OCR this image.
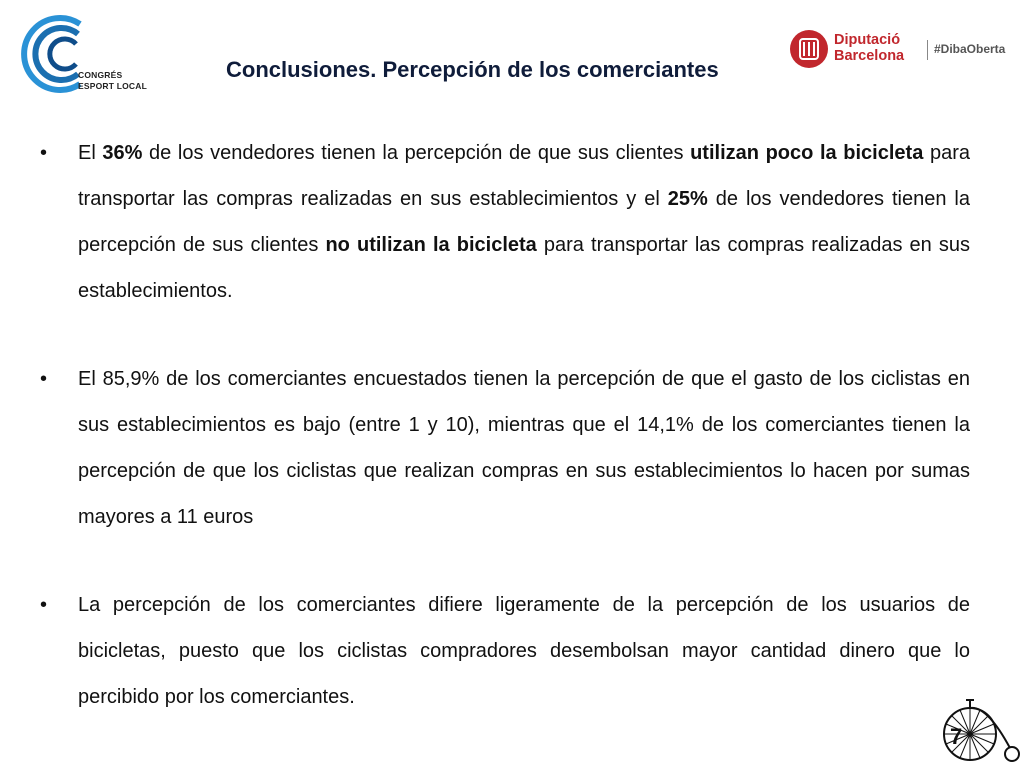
CONGRÉS
ESPORT LOCAL
Conclusiones. Percepción de los comerciantes
Diputació
Barcelona #DibaOberta
• El 36% de los vendedores tienen la percepción de que sus clientes utilizan poco la bicicleta para transportar las compras realizadas en sus establecimientos y el 25% de los vendedores tienen la percepción de sus clientes no utilizan la bicicleta para transportar las compras realizadas en sus establecimientos.

• El 85,9% de los comerciantes encuestados tienen la percepción de que el gasto de los ciclistas en sus establecimientos es bajo (entre 1 y 10), mientras que el 14,1% de los comerciantes tienen la percepción de que los ciclistas que realizan compras en sus establecimientos lo hacen por sumas mayores a 11 euros

• La percepción de los comerciantes difiere ligeramente de la percepción de los usuarios de bicicletas, puesto que los ciclistas compradores desembolsan mayor cantidad dinero que lo percibido por los comerciantes.

7
